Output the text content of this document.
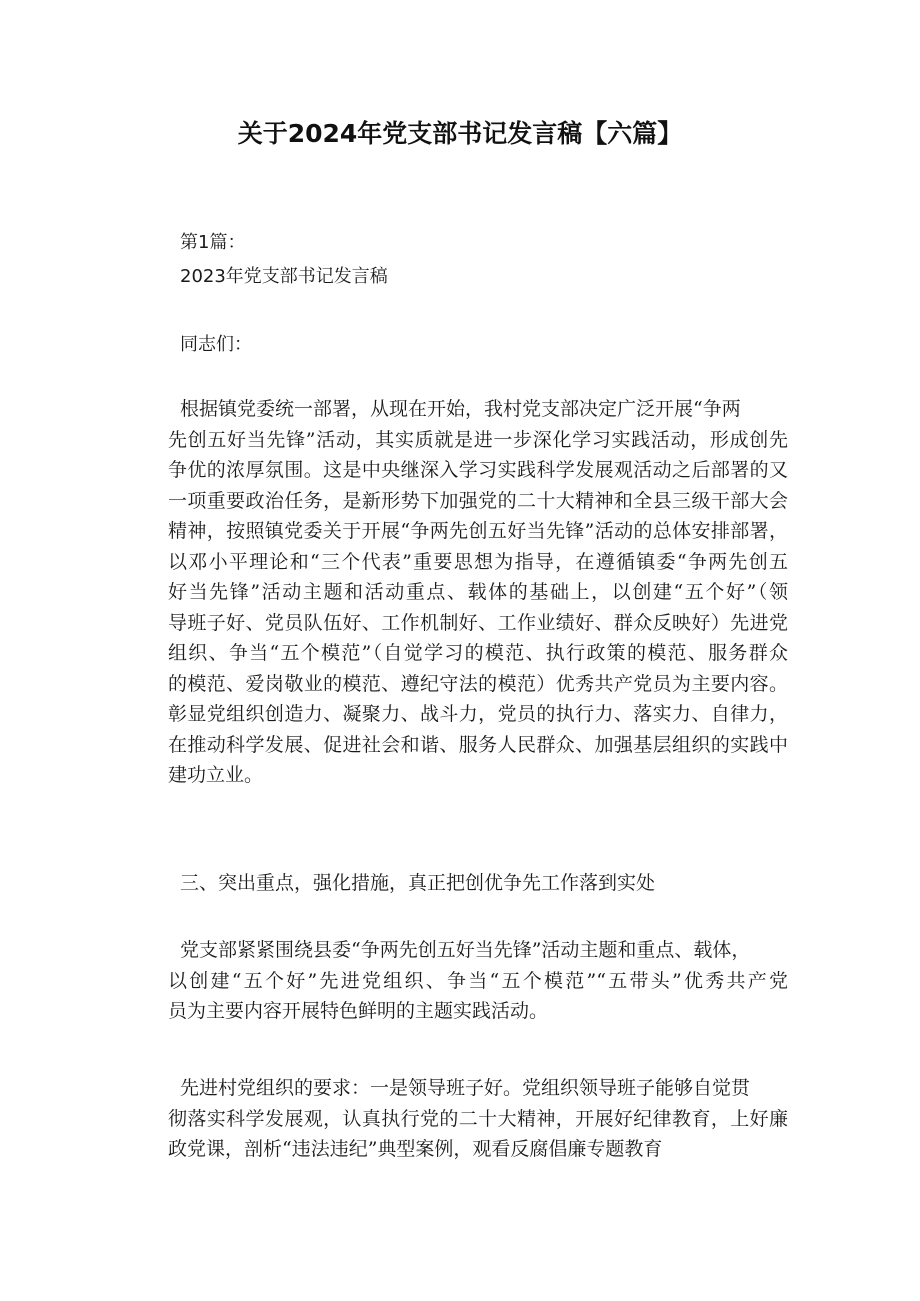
关于2024年党支部书记发言稿【六篇】
第1篇：
2023年党支部书记发言稿
同志们：
根据镇党委统一部署，从现在开始，我村党支部决定广泛开展“争两
先创五好当先锋”活动，其实质就是进一步深化学习实践活动，形成创先
争优的浓厚氛围。这是中央继深入学习实践科学发展观活动之后部署的又
一项重要政治任务，是新形势下加强党的二十大精神和全县三级干部大会
精神，按照镇党委关于开展“争两先创五好当先锋”活动的总体安排部署，
以邓小平理论和“三个代表”重要思想为指导，在遵循镇委“争两先创五
好当先锋”活动主题和活动重点、载体的基础上，以创建“五个好”（领
导班子好、党员队伍好、工作机制好、工作业绩好、群众反映好）先进党
组织、争当“五个模范”（自觉学习的模范、执行政策的模范、服务群众
的模范、爱岗敬业的模范、遵纪守法的模范）优秀共产党员为主要内容。
彰显党组织创造力、凝聚力、战斗力，党员的执行力、落实力、自律力，
在推动科学发展、促进社会和谐、服务人民群众、加强基层组织的实践中
建功立业。
三、突出重点，强化措施，真正把创优争先工作落到实处
党支部紧紧围绕县委“争两先创五好当先锋”活动主题和重点、载体，
以创建“五个好”先进党组织、争当“五个模范”“五带头”优秀共产党
员为主要内容开展特色鲜明的主题实践活动。
先进村党组织的要求：一是领导班子好。党组织领导班子能够自觉贯
彻落实科学发展观，认真执行党的二十大精神，开展好纪律教育，上好廉
政党课，剖析“违法违纪”典型案例，观看反腐倡廉专题教育
